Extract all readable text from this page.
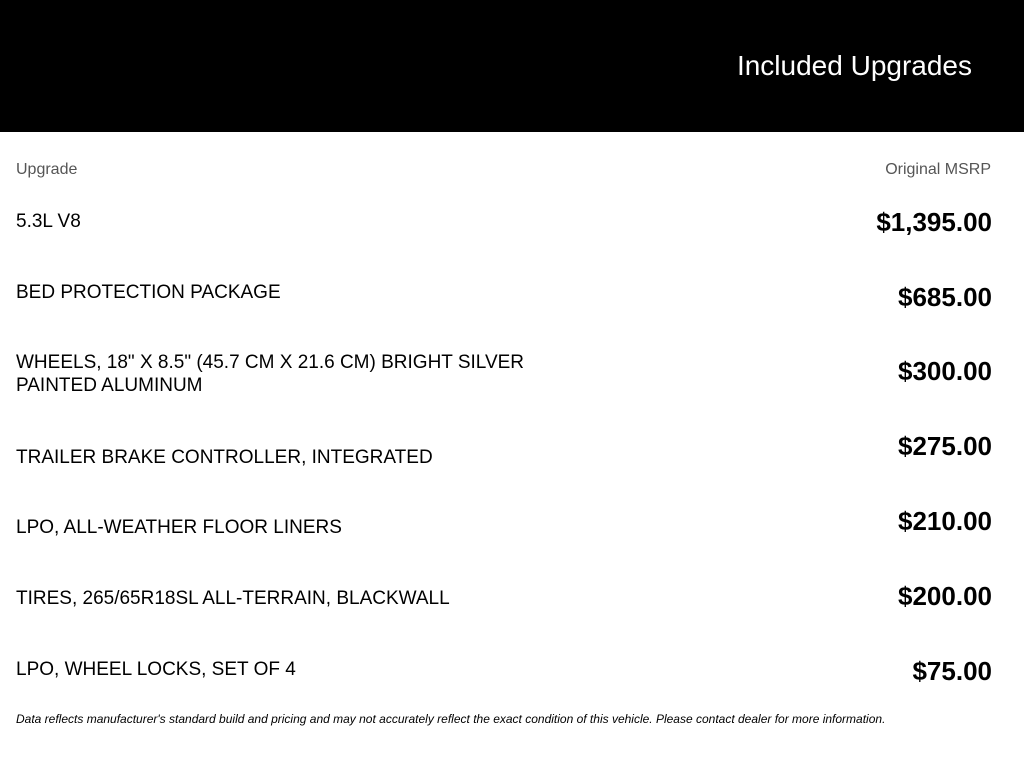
Included Upgrades
Upgrade	Original MSRP
5.3L V8	$1,395.00
BED PROTECTION PACKAGE	$685.00
WHEELS, 18" X 8.5" (45.7 CM X 21.6 CM) BRIGHT SILVER PAINTED ALUMINUM	$300.00
TRAILER BRAKE CONTROLLER, INTEGRATED	$275.00
LPO, ALL-WEATHER FLOOR LINERS	$210.00
TIRES, 265/65R18SL ALL-TERRAIN, BLACKWALL	$200.00
LPO, WHEEL LOCKS, SET OF 4	$75.00
Data reflects manufacturer's standard build and pricing and may not accurately reflect the exact condition of this vehicle. Please contact dealer for more information.
